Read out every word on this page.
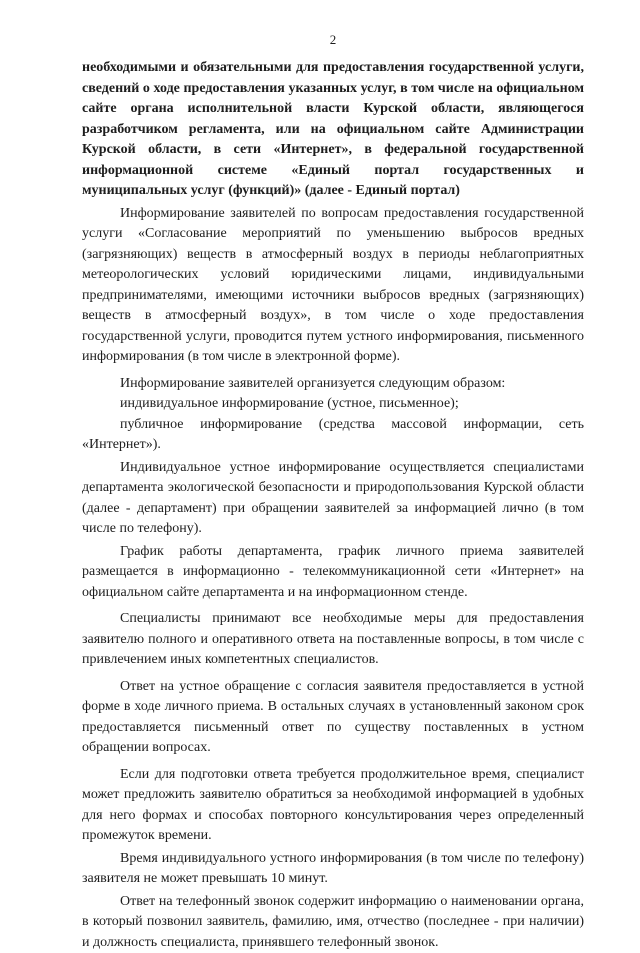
2

необходимыми и обязательными для предоставления государственной услуги, сведений о ходе предоставления указанных услуг, в том числе на официальном сайте органа исполнительной власти Курской области, являющегося разработчиком регламента, или на официальном сайте Администрации Курской области, в сети «Интернет», в федеральной государственной информационной системе «Единый портал государственных и муниципальных услуг (функций)» (далее - Единый портал)

Информирование заявителей по вопросам предоставления государственной услуги «Согласование мероприятий по уменьшению выбросов вредных (загрязняющих) веществ в атмосферный воздух в периоды неблагоприятных метеорологических условий юридическими лицами, индивидуальными предпринимателями, имеющими источники выбросов вредных (загрязняющих) веществ в атмосферный воздух», в том числе о ходе предоставления государственной услуги, проводится путем устного информирования, письменного информирования (в том числе в электронной форме).

Информирование заявителей организуется следующим образом:

индивидуальное информирование (устное, письменное);

публичное информирование (средства массовой информации, сеть «Интернет»).

Индивидуальное устное информирование осуществляется специалистами департамента экологической безопасности и природопользования Курской области (далее - департамент) при обращении заявителей за информацией лично (в том числе по телефону).

График работы департамента, график личного приема заявителей размещается в информационно - телекоммуникационной сети «Интернет» на официальном сайте департамента и на информационном стенде.

Специалисты принимают все необходимые меры для предоставления заявителю полного и оперативного ответа на поставленные вопросы, в том числе с привлечением иных компетентных специалистов.

Ответ на устное обращение с согласия заявителя предоставляется в устной форме в ходе личного приема. В остальных случаях в установленный законом срок предоставляется письменный ответ по существу поставленных в устном обращении вопросах.

Если для подготовки ответа требуется продолжительное время, специалист может предложить заявителю обратиться за необходимой информацией в удобных для него формах и способах повторного консультирования через определенный промежуток времени.

Время индивидуального устного информирования (в том числе по телефону) заявителя не может превышать 10 минут.

Ответ на телефонный звонок содержит информацию о наименовании органа, в который позвонил заявитель, фамилию, имя, отчество (последнее - при наличии) и должность специалиста, принявшего телефонный звонок.
